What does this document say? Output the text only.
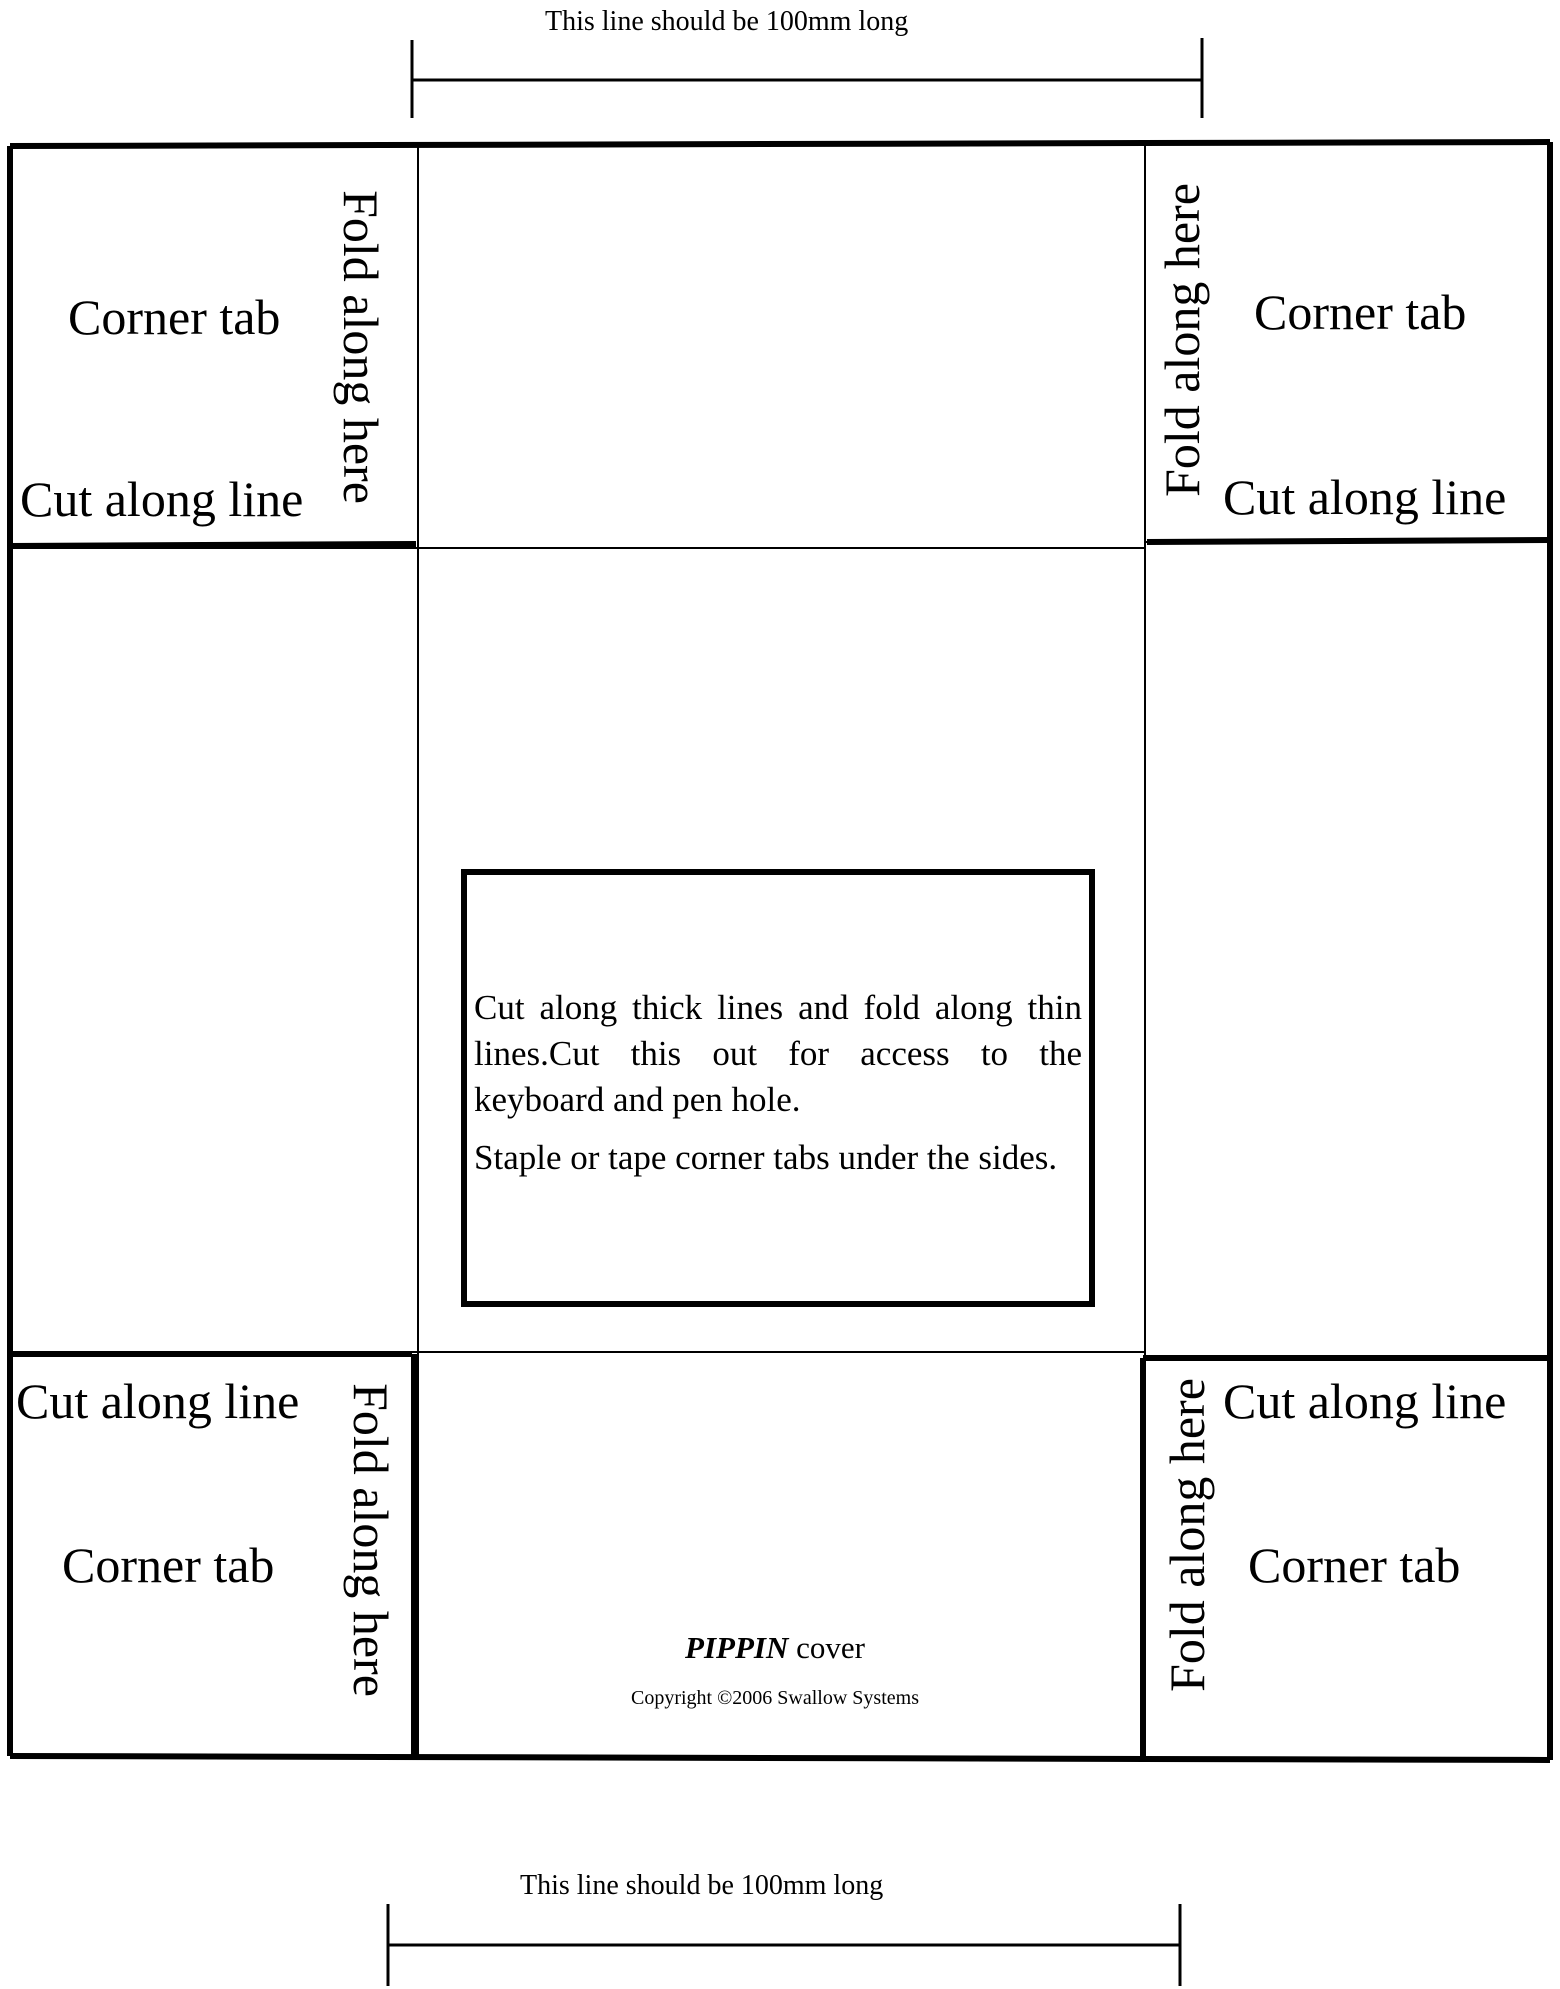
This line should be 100mm long
Corner tab
Cut along line Fold along here	Corner tab
Cut along line
Fold along here
Cut along line
Corner tab Fold along here	Cut along line
Corner tab
Fold along here

Cut along thick lines and fold along thin lines.Cut this out for access to the keyboard and pen hole.

Staple or tape corner tabs under the sides.

PIPPIN cover
Copyright ©2006 Swallow Systems
This line should be 100mm long
